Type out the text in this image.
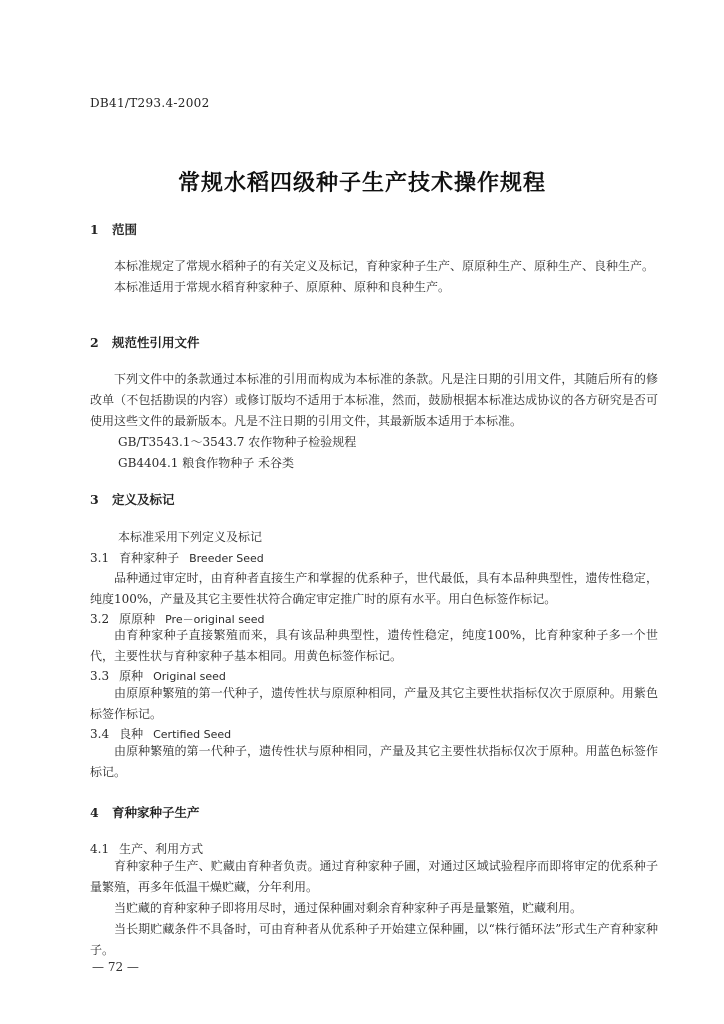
DB41/T293.4-2002
常规水稻四级种子生产技术操作规程
1 范围

本标准规定了常规水稻种子的有关定义及标记，育种家种子生产、原原种生产、原种生产、良种生产。

本标准适用于常规水稻育种家种子、原原种、原种和良种生产。

2 规范性引用文件

下列文件中的条款通过本标准的引用而构成为本标准的条款。凡是注日期的引用文件，其随后所有的修改单（不包括勘误的内容）或修订版均不适用于本标准，然而，鼓励根据本标准达成协议的各方研究是否可使用这些文件的最新版本。凡是不注日期的引用文件，其最新版本适用于本标准。

GB/T3543.1～3543.7 农作物种子检验规程
GB4404.1 粮食作物种子 禾谷类
3 定义及标记
本标准采用下列定义及标记
3.1 育种家种子 Breeder Seed

品种通过审定时，由育种者直接生产和掌握的优系种子，世代最低，具有本品种典型性，遗传性稳定，纯度100%，产量及其它主要性状符合确定审定推广时的原有水平。用白色标签作标记。

3.2 原原种 Pre－original seed

由育种家种子直接繁殖而来，具有该品种典型性，遗传性稳定，纯度100%，比育种家种子多一个世代，主要性状与育种家种子基本相同。用黄色标签作标记。

3.3 原种 Original seed

由原原种繁殖的第一代种子，遗传性状与原原种相同，产量及其它主要性状指标仅次于原原种。用紫色标签作标记。

3.4 良种 Certified Seed

由原种繁殖的第一代种子，遗传性状与原种相同，产量及其它主要性状指标仅次于原种。用蓝色标签作标记。

4 育种家种子生产
4.1 生产、利用方式

育种家种子生产、贮藏由育种者负责。通过育种家种子圃，对通过区域试验程序而即将审定的优系种子量繁殖，再多年低温干燥贮藏，分年利用。

当贮藏的育种家种子即将用尽时，通过保种圃对剩余育种家种子再是量繁殖，贮藏利用。

当长期贮藏条件不具备时，可由育种者从优系种子开始建立保种圃，以“株行循环法”形式生产育种家种子。

— 72 —
